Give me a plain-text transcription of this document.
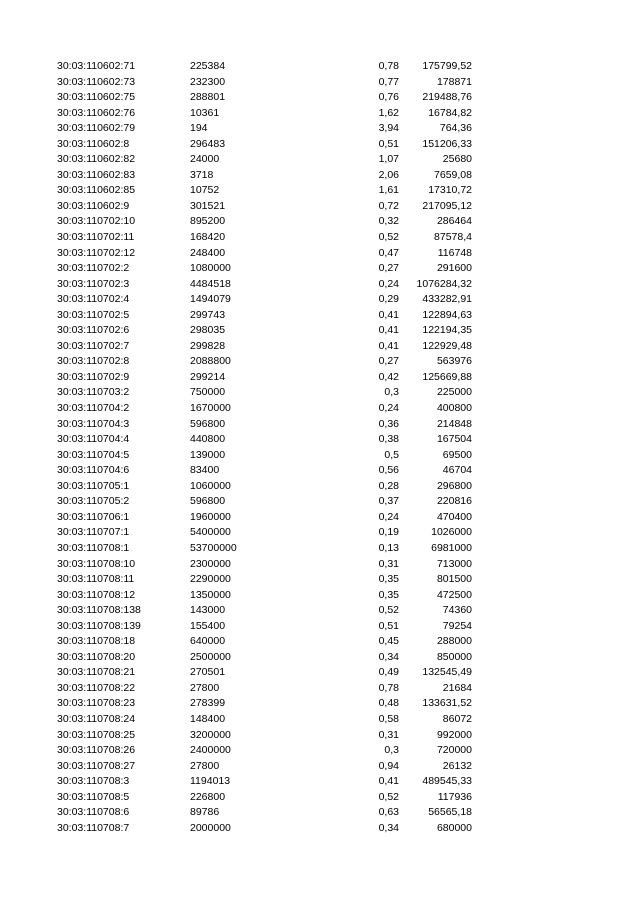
30:03:110602:71	225384	0,78	175799,52
30:03:110602:73	232300	0,77	178871
30:03:110602:75	288801	0,76	219488,76
30:03:110602:76	10361	1,62	16784,82
30:03:110602:79	194	3,94	764,36
30:03:110602:8	296483	0,51	151206,33
30:03:110602:82	24000	1,07	25680
30:03:110602:83	3718	2,06	7659,08
30:03:110602:85	10752	1,61	17310,72
30:03:110602:9	301521	0,72	217095,12
30:03:110702:10	895200	0,32	286464
30:03:110702:11	168420	0,52	87578,4
30:03:110702:12	248400	0,47	116748
30:03:110702:2	1080000	0,27	291600
30:03:110702:3	4484518	0,24	1076284,32
30:03:110702:4	1494079	0,29	433282,91
30:03:110702:5	299743	0,41	122894,63
30:03:110702:6	298035	0,41	122194,35
30:03:110702:7	299828	0,41	122929,48
30:03:110702:8	2088800	0,27	563976
30:03:110702:9	299214	0,42	125669,88
30:03:110703:2	750000	0,3	225000
30:03:110704:2	1670000	0,24	400800
30:03:110704:3	596800	0,36	214848
30:03:110704:4	440800	0,38	167504
30:03:110704:5	139000	0,5	69500
30:03:110704:6	83400	0,56	46704
30:03:110705:1	1060000	0,28	296800
30:03:110705:2	596800	0,37	220816
30:03:110706:1	1960000	0,24	470400
30:03:110707:1	5400000	0,19	1026000
30:03:110708:1	53700000	0,13	6981000
30:03:110708:10	2300000	0,31	713000
30:03:110708:11	2290000	0,35	801500
30:03:110708:12	1350000	0,35	472500
30:03:110708:138	143000	0,52	74360
30:03:110708:139	155400	0,51	79254
30:03:110708:18	640000	0,45	288000
30:03:110708:20	2500000	0,34	850000
30:03:110708:21	270501	0,49	132545,49
30:03:110708:22	27800	0,78	21684
30:03:110708:23	278399	0,48	133631,52
30:03:110708:24	148400	0,58	86072
30:03:110708:25	3200000	0,31	992000
30:03:110708:26	2400000	0,3	720000
30:03:110708:27	27800	0,94	26132
30:03:110708:3	1194013	0,41	489545,33
30:03:110708:5	226800	0,52	117936
30:03:110708:6	89786	0,63	56565,18
30:03:110708:7	2000000	0,34	680000
